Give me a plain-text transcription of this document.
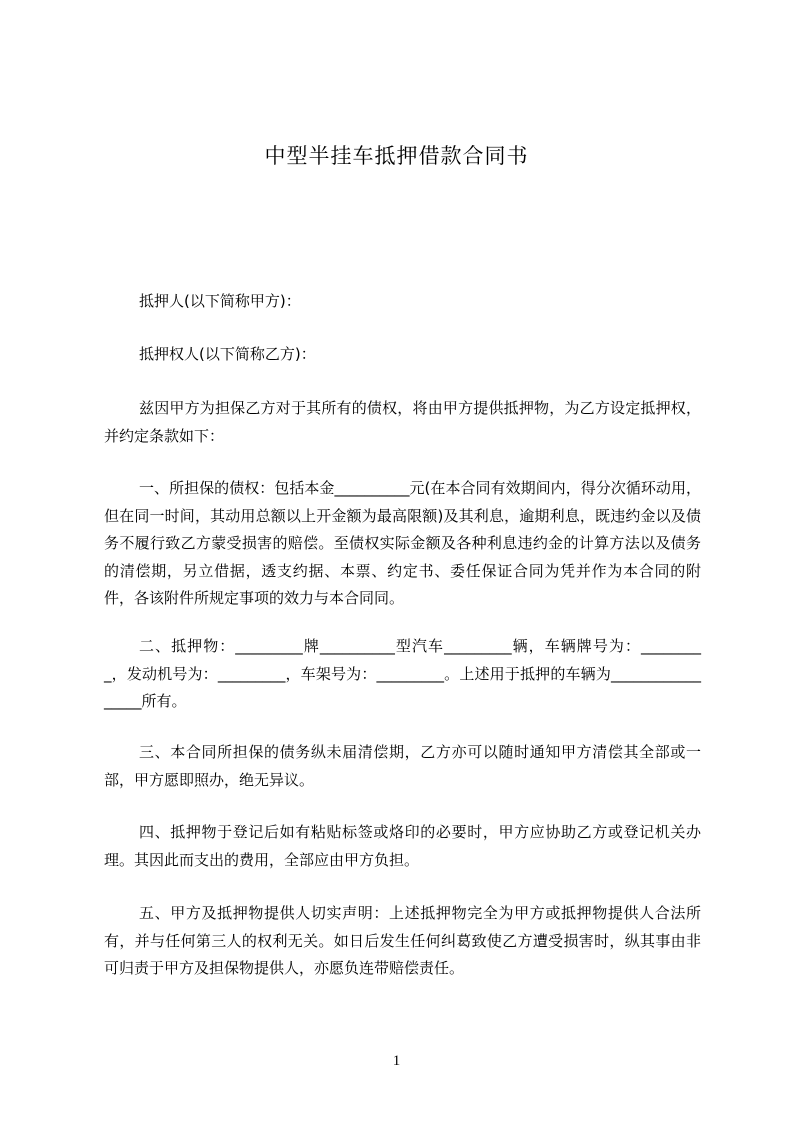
中型半挂车抵押借款合同书

抵押人(以下简称甲方)：

抵押权人(以下简称乙方)：

兹因甲方为担保乙方对于其所有的债权，将由甲方提供抵押物，为乙方设定抵押权，并约定条款如下：

一、所担保的债权：包括本金__________元(在本合同有效期间内，得分次循环动用，但在同一时间，其动用总额以上开金额为最高限额)及其利息，逾期利息，既违约金以及债务不履行致乙方蒙受损害的赔偿。至债权实际金额及各种利息违约金的计算方法以及债务的清偿期，另立借据，透支约据、本票、约定书、委任保证合同为凭并作为本合同的附件，各该附件所规定事项的效力与本合同同。

二、抵押物：_________牌__________型汽车_________辆，车辆牌号为：_________，发动机号为：_________，车架号为：_________。上述用于抵押的车辆为_________________所有。

三、本合同所担保的债务纵未届清偿期，乙方亦可以随时通知甲方清偿其全部或一部，甲方愿即照办，绝无异议。

四、抵押物于登记后如有粘贴标签或烙印的必要时，甲方应协助乙方或登记机关办理。其因此而支出的费用，全部应由甲方负担。

五、甲方及抵押物提供人切实声明：上述抵押物完全为甲方或抵押物提供人合法所有，并与任何第三人的权利无关。如日后发生任何纠葛致使乙方遭受损害时，纵其事由非可归责于甲方及担保物提供人，亦愿负连带赔偿责任。

1
